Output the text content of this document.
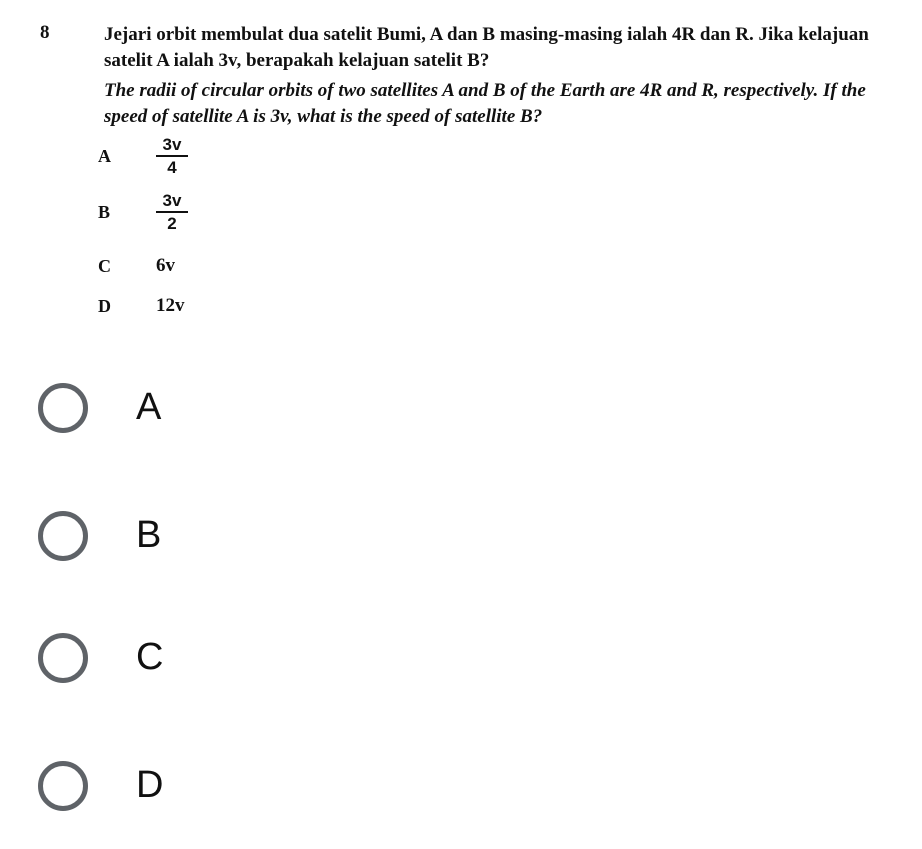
8	Jejari orbit membulat dua satelit Bumi, A dan B masing-masing ialah 4R dan R. Jika kelajuan
satelit A ialah 3v, berapakah kelajuan satelit B?
The radii of circular orbits of two satellites A and B of the Earth are 4R and R, respectively. If the
speed of satellite A is 3v, what is the speed of satellite B?
A
3v
4
B
3v
2
C 6v
D 12v
A
B
C
D
